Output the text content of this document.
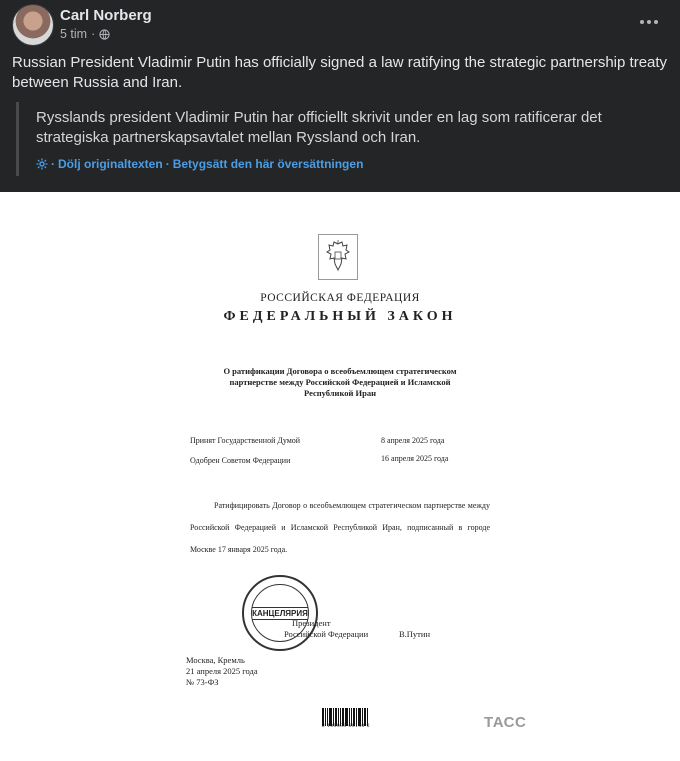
Carl Norberg
5 tim ·
Russian President Vladimir Putin has officially signed a law ratifying the strategic partnership treaty between Russia and Iran.
Rysslands president Vladimir Putin har officiellt skrivit under en lag som ratificerar det strategiska partnerskapsavtalet mellan Ryssland och Iran.
· Dölj originaltexten · Betygsätt den här översättningen
РОССИЙСКАЯ ФЕДЕРАЦИЯ
ФЕДЕРАЛЬНЫЙ ЗАКОН
О ратификации Договора о всеобъемлющем стратегическом
партнерстве между Российской Федерацией и Исламской
Республикой Иран
Принят Государственной Думой	8 апреля 2025 года
Одобрен Советом Федерации	16 апреля 2025 года

Ратифицировать Договор о всеобъемлющем стратегическом партнерстве между Российской Федерацией и Исламской Республикой Иран, подписанный в городе Москве 17 января 2025 года.

КАНЦЕЛЯРИЯ
Президент
Российской Федерации	В.Путин
Москва, Кремль
21 апреля 2025 года
№ 73-ФЗ
2 100088 68140 0	ТАСС
